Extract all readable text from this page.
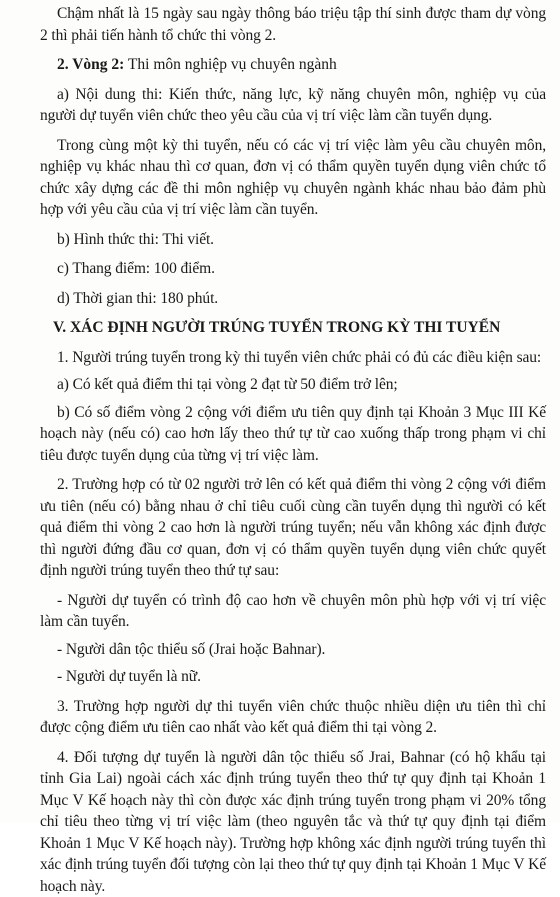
Chậm nhất là 15 ngày sau ngày thông báo triệu tập thí sinh được tham dự vòng 2 thì phải tiến hành tổ chức thi vòng 2.

2. Vòng 2: Thi môn nghiệp vụ chuyên ngành

a) Nội dung thi: Kiến thức, năng lực, kỹ năng chuyên môn, nghiệp vụ của người dự tuyển viên chức theo yêu cầu của vị trí việc làm cần tuyển dụng.

Trong cùng một kỳ thi tuyển, nếu có các vị trí việc làm yêu cầu chuyên môn, nghiệp vụ khác nhau thì cơ quan, đơn vị có thẩm quyền tuyển dụng viên chức tổ chức xây dựng các đề thi môn nghiệp vụ chuyên ngành khác nhau bảo đảm phù hợp với yêu cầu của vị trí việc làm cần tuyển.

b) Hình thức thi: Thi viết.

c) Thang điểm: 100 điểm.

d) Thời gian thi: 180 phút.

V. XÁC ĐỊNH NGƯỜI TRÚNG TUYỂN TRONG KỲ THI TUYỂN

1. Người trúng tuyển trong kỳ thi tuyển viên chức phải có đủ các điều kiện sau:

a) Có kết quả điểm thi tại vòng 2 đạt từ 50 điểm trở lên;

b) Có số điểm vòng 2 cộng với điểm ưu tiên quy định tại Khoản 3 Mục III Kế hoạch này (nếu có) cao hơn lấy theo thứ tự từ cao xuống thấp trong phạm vi chỉ tiêu được tuyển dụng của từng vị trí việc làm.

2. Trường hợp có từ 02 người trở lên có kết quả điểm thi vòng 2 cộng với điểm ưu tiên (nếu có) bằng nhau ở chỉ tiêu cuối cùng cần tuyển dụng thì người có kết quả điểm thi vòng 2 cao hơn là người trúng tuyển; nếu vẫn không xác định được thì người đứng đầu cơ quan, đơn vị có thẩm quyền tuyển dụng viên chức quyết định người trúng tuyển theo thứ tự sau:

- Người dự tuyển có trình độ cao hơn về chuyên môn phù hợp với vị trí việc làm cần tuyển.

- Người dân tộc thiểu số (Jrai hoặc Bahnar).

- Người dự tuyển là nữ.

3. Trường hợp người dự thi tuyển viên chức thuộc nhiều diện ưu tiên thì chỉ được cộng điểm ưu tiên cao nhất vào kết quả điểm thi tại vòng 2.

4. Đối tượng dự tuyển là người dân tộc thiểu số Jrai, Bahnar (có hộ khẩu tại tỉnh Gia Lai) ngoài cách xác định trúng tuyển theo thứ tự quy định tại Khoản 1 Mục V Kế hoạch này thì còn được xác định trúng tuyển trong phạm vi 20% tổng chỉ tiêu theo từng vị trí việc làm (theo nguyên tắc và thứ tự quy định tại điểm Khoản 1 Mục V Kế hoạch này). Trường hợp không xác định người trúng tuyển thì xác định trúng tuyển đối tượng còn lại theo thứ tự quy định tại Khoản 1 Mục V Kế hoạch này.
